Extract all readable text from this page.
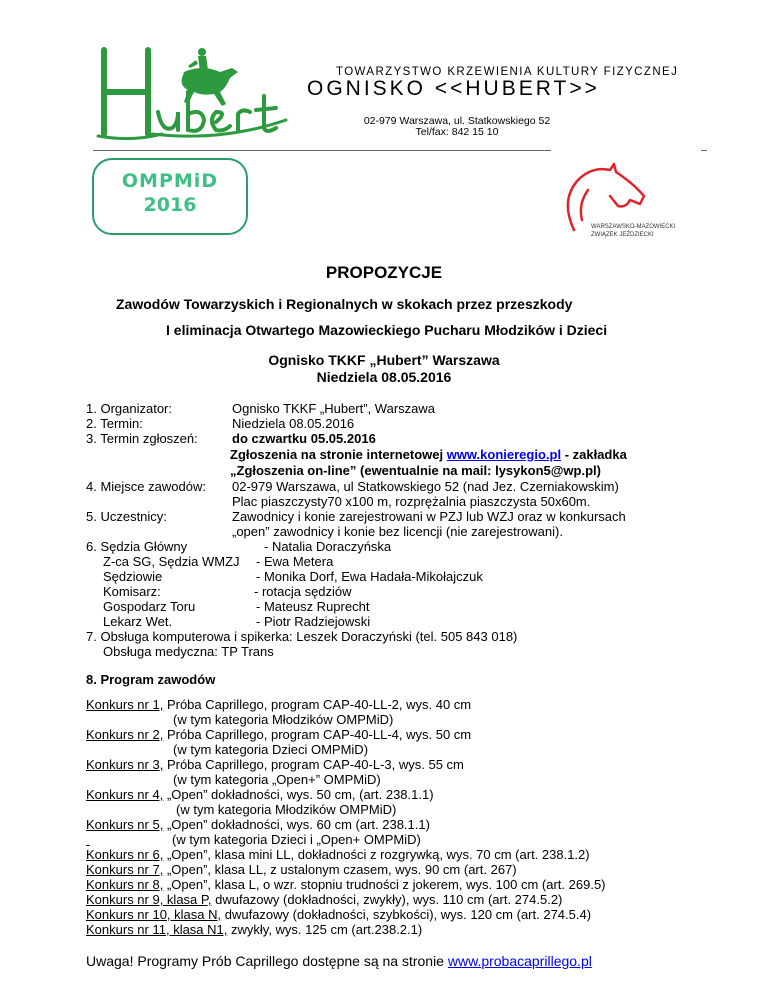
TOWARZYSTWO KRZEWIENIA KULTURY FIZYCZNEJ
OGNISKO <<HUBERT>>
02-979 Warszawa, ul. Statkowskiego 52
Tel/fax: 842 15 10
OMPMiD
2016
WARSZAWSKO-MAZOWIECKI
ZWIĄZEK JEŹDZIECKI
PROPOZYCJE
Zawodów Towarzyskich i Regionalnych w skokach przez przeszkody
I eliminacja Otwartego Mazowieckiego Pucharu Młodzików i Dzieci
Ognisko TKKF „Hubert” Warszawa
Niedziela 08.05.2016
1. Organizator:	Ognisko TKKF „Hubert”, Warszawa
2. Termin:	Niedziela 08.05.2016
3. Termin zgłoszeń:	do czwartku 05.05.2016
Zgłoszenia na stronie internetowej www.konieregio.pl - zakładka
„Zgłoszenia on-line” (ewentualnie na mail: lysykon5@wp.pl)
4. Miejsce zawodów: 02-979 Warszawa, ul Statkowskiego 52 (nad Jez. Czerniakowskim)
Plac piaszczysty70 x100 m, rozprężalnia piaszczysta 50x60m.
5. Uczestnicy:	Zawodnicy i konie zarejestrowani w PZJ lub WZJ oraz w konkursach
„open” zawodnicy i konie bez licencji (nie zarejestrowani).
6. Sędzia Główny	- Natalia Doraczyńska
Z-ca SG, Sędzia WMZJ - Ewa Metera
Sędziowie	- Monika Dorf, Ewa Hadała-Mikołajczuk
Komisarz:	- rotacja sędziów
Gospodarz Toru	- Mateusz Ruprecht
Lekarz Wet.	- Piotr Radziejowski
7. Obsługa komputerowa i spikerka: Leszek Doraczyński (tel. 505 843 018)
Obsługa medyczna: TP Trans
8. Program zawodów
Konkurs nr 1, Próba Caprillego, program CAP-40-LL-2, wys. 40 cm
(w tym kategoria Młodzików OMPMiD)
Konkurs nr 2, Próba Caprillego, program CAP-40-LL-4, wys. 50 cm
(w tym kategoria Dzieci OMPMiD)
Konkurs nr 3, Próba Caprillego, program CAP-40-L-3, wys. 55 cm
(w tym kategoria „Open+” OMPMiD)
Konkurs nr 4, „Open” dokładności, wys. 50 cm, (art. 238.1.1)
(w tym kategoria Młodzików OMPMiD)
Konkurs nr 5, „Open” dokładności, wys. 60 cm (art. 238.1.1)
(w tym kategoria Dzieci i „Open+ OMPMiD)
Konkurs nr 6, „Open”, klasa mini LL, dokładności z rozgrywką, wys. 70 cm (art. 238.1.2)
Konkurs nr 7, „Open”, klasa LL, z ustalonym czasem, wys. 90 cm (art. 267)
Konkurs nr 8, „Open”, klasa L, o wzr. stopniu trudności z jokerem, wys. 100 cm (art. 269.5)
Konkurs nr 9, klasa P, dwufazowy (dokładności, zwykły), wys. 110 cm (art. 274.5.2)
Konkurs nr 10, klasa N, dwufazowy (dokładności, szybkości), wys. 120 cm (art. 274.5.4)
Konkurs nr 11, klasa N1, zwykły, wys. 125 cm (art.238.2.1)
Uwaga! Programy Prób Caprillego dostępne są na stronie www.probacaprillego.pl
